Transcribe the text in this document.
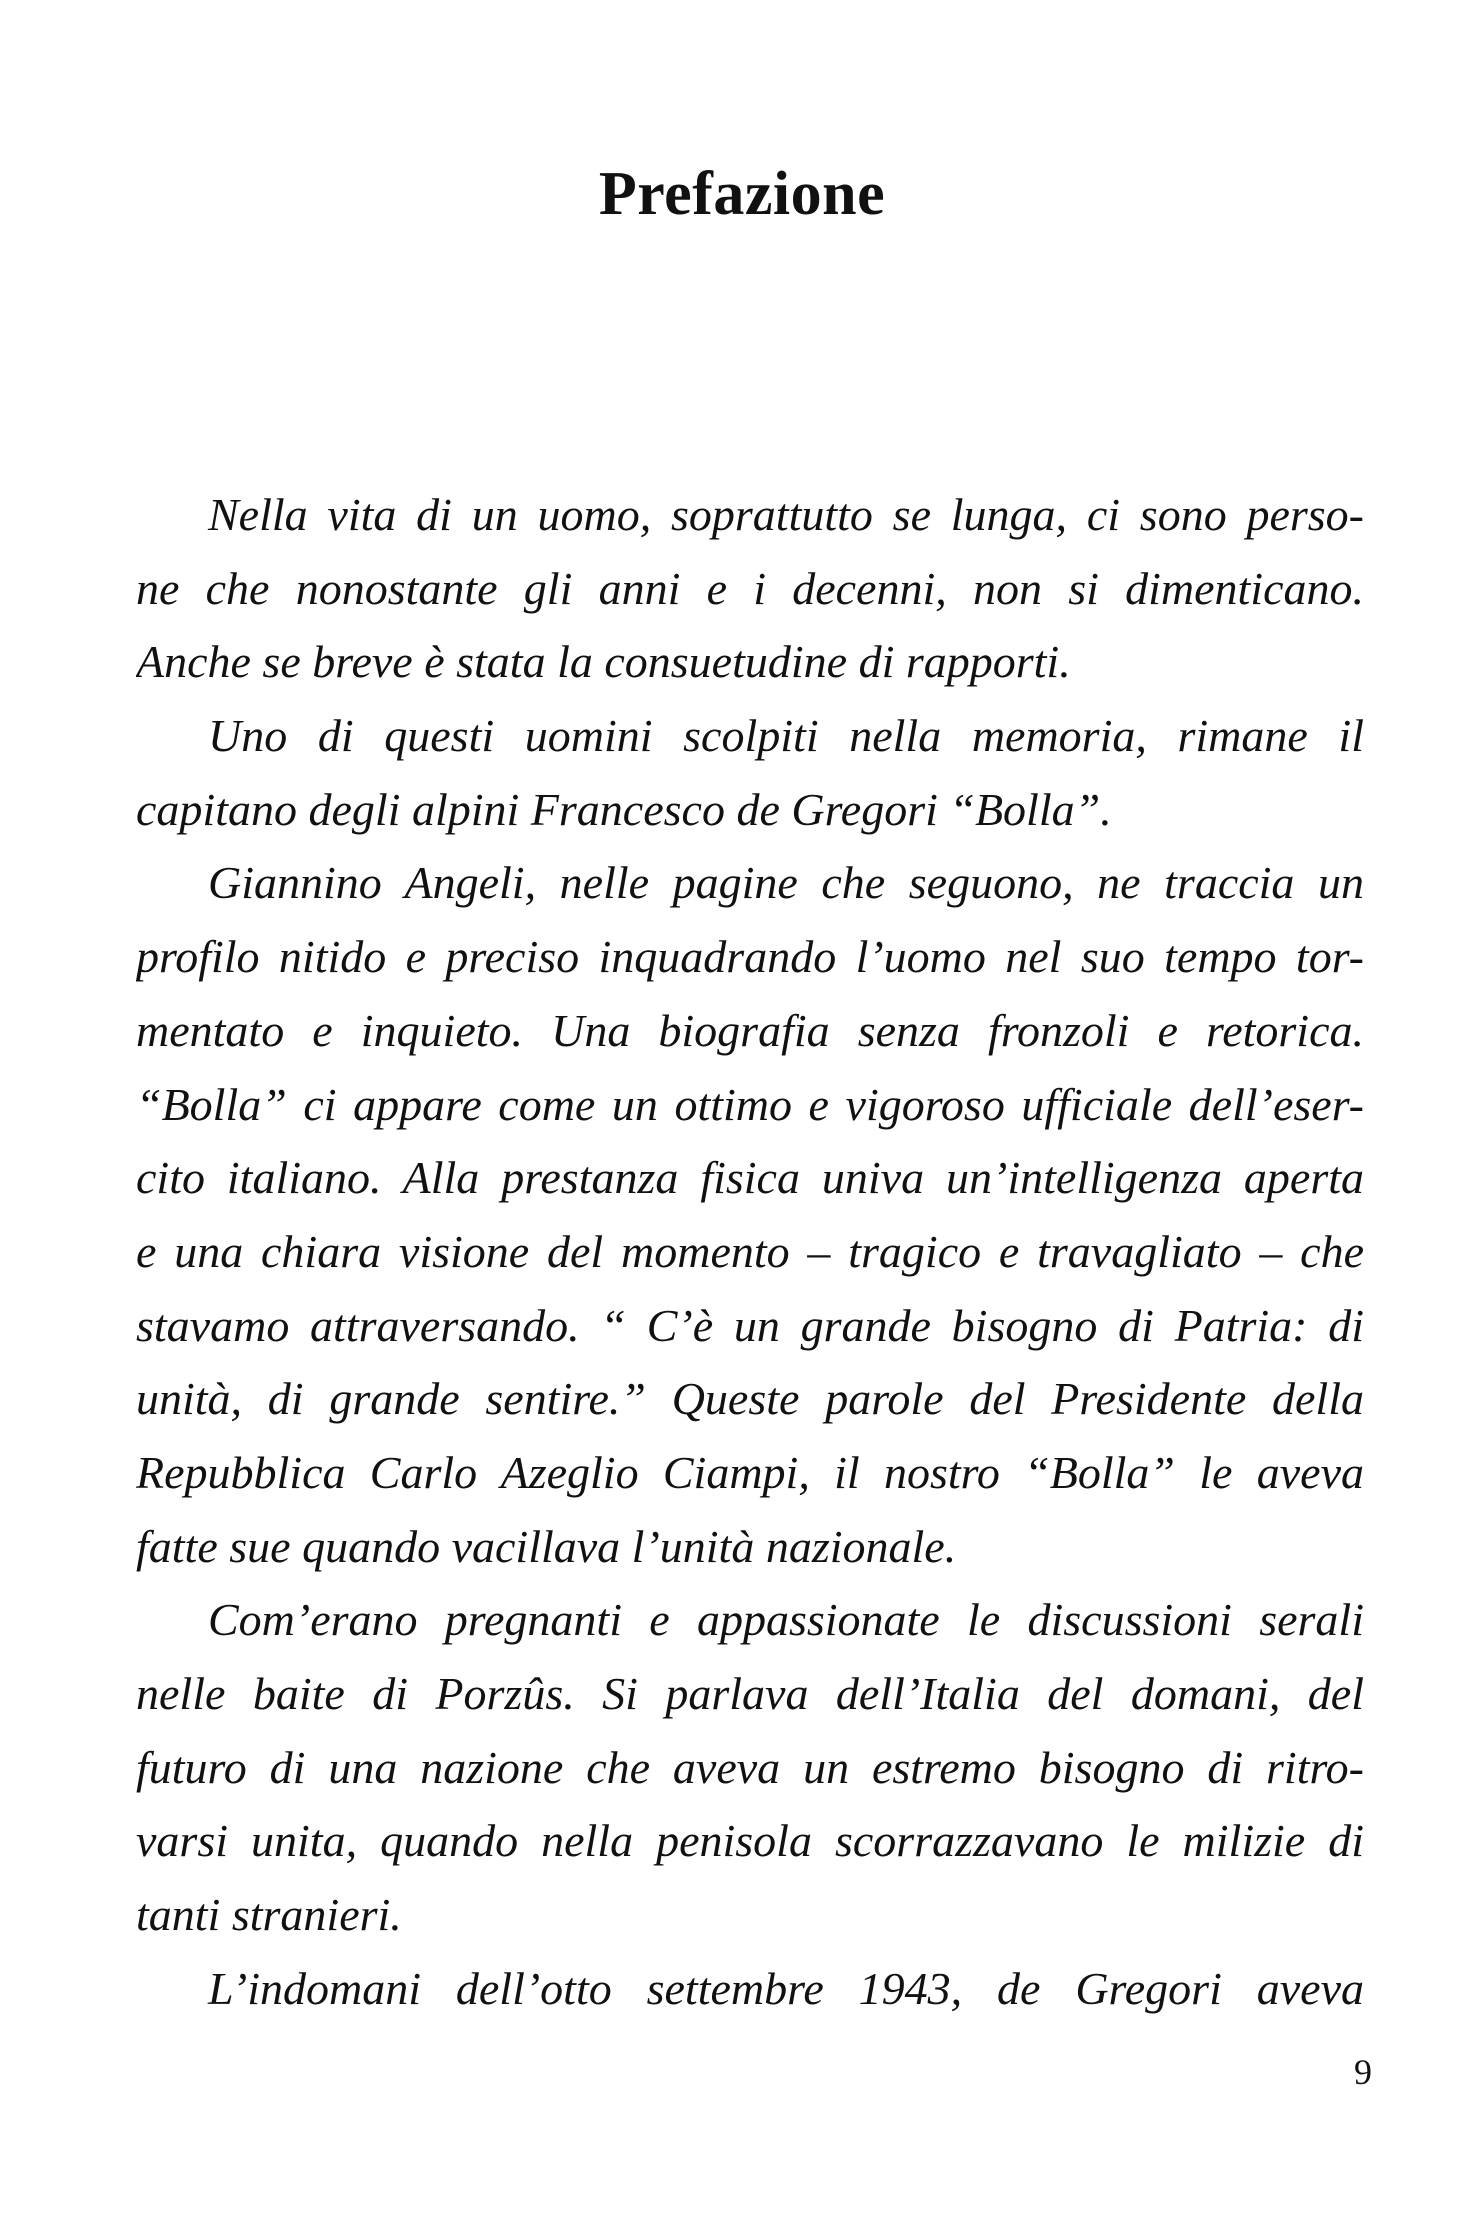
Prefazione
Nella vita di un uomo, soprattutto se lunga, ci sono perso-
ne che nonostante gli anni e i decenni, non si dimenticano.
Anche se breve è stata la consuetudine di rapporti.
Uno di questi uomini scolpiti nella memoria, rimane il
capitano degli alpini Francesco de Gregori “Bolla”.
Giannino Angeli, nelle pagine che seguono, ne traccia un
profilo nitido e preciso inquadrando l’uomo nel suo tempo tor-
mentato e inquieto. Una biografia senza fronzoli e retorica.
“Bolla” ci appare come un ottimo e vigoroso ufficiale dell’eser-
cito italiano. Alla prestanza fisica univa un’intelligenza aperta
e una chiara visione del momento – tragico e travagliato – che
stavamo attraversando. “ C’è un grande bisogno di Patria: di
unità, di grande sentire.” Queste parole del Presidente della
Repubblica Carlo Azeglio Ciampi, il nostro “Bolla” le aveva
fatte sue quando vacillava l’unità nazionale.
Com’erano pregnanti e appassionate le discussioni serali
nelle baite di Porzûs. Si parlava dell’Italia del domani, del
futuro di una nazione che aveva un estremo bisogno di ritro-
varsi unita, quando nella penisola scorrazzavano le milizie di
tanti stranieri.
L’indomani dell’otto settembre 1943, de Gregori aveva
9
